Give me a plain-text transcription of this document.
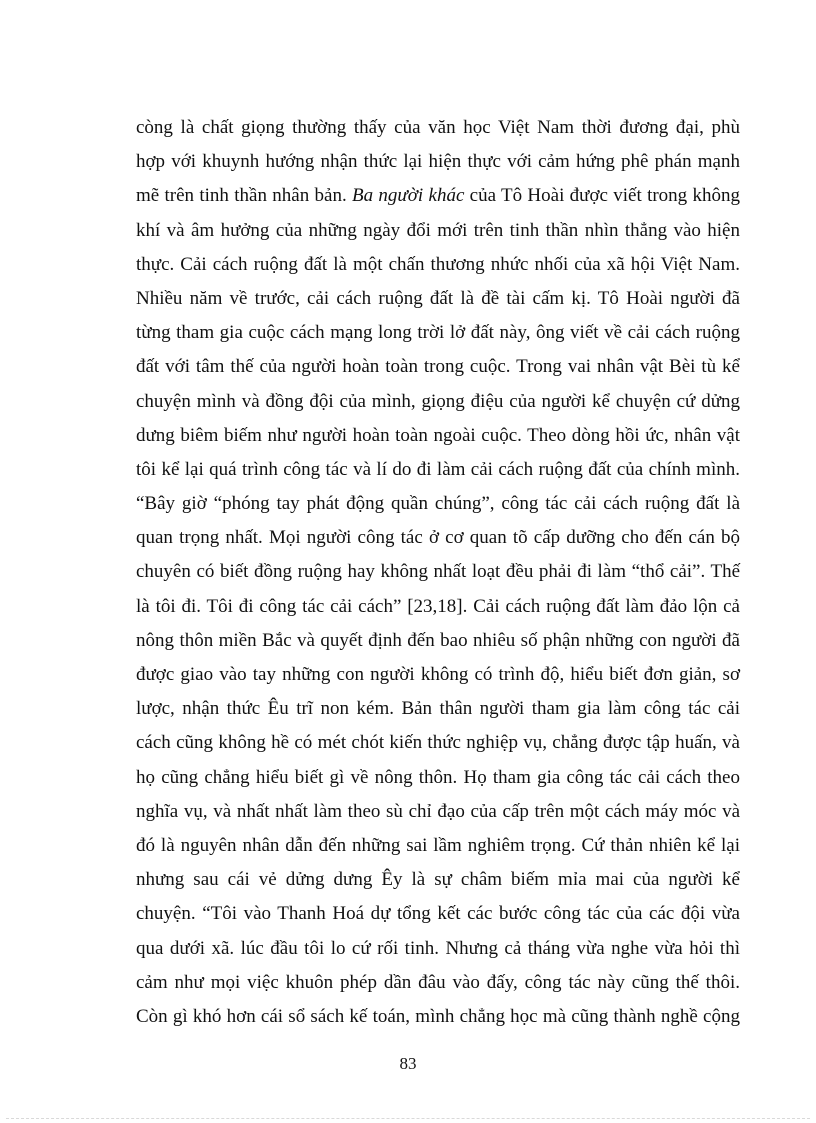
còng là chất giọng thường thấy của văn học Việt Nam thời đương đại, phù
hợp với khuynh hướng nhận thức lại hiện thực với cảm hứng phê phán mạnh
mẽ trên tinh thần nhân bản. Ba người khác của Tô Hoài được viết trong không
khí và âm hưởng của những ngày đổi mới trên tinh thần nhìn thẳng vào hiện
thực. Cải cách ruộng đất là một chấn thương nhức nhối của xã hội Việt Nam.
Nhiều năm về trước, cải cách ruộng đất là đề tài cấm kị. Tô Hoài người đã
từng tham gia cuộc cách mạng long trời lở đất này, ông viết về cải cách ruộng
đất với tâm thế của người hoàn toàn trong cuộc. Trong vai nhân vật Bèi tù kể
chuyện mình và đồng đội của mình, giọng điệu của người kể chuyện cứ dửng
dưng biêm biếm như người hoàn toàn ngoài cuộc. Theo dòng hồi ức, nhân vật
tôi kể lại quá trình công tác và lí do đi làm cải cách ruộng đất của chính mình.
“Bây giờ “phóng tay phát động quần chúng”, công tác cải cách ruộng đất là
quan trọng nhất. Mọi người công tác ở cơ quan tõ cấp dưỡng cho đến cán bộ
chuyên có biết đồng ruộng hay không nhất loạt đều phải đi làm “thổ cải”. Thế
là tôi đi. Tôi đi công tác cải cách” [23,18]. Cải cách ruộng đất làm đảo lộn cả
nông thôn miền Bắc và quyết định đến bao nhiêu số phận những con người đã
được giao vào tay những con người không có trình độ, hiểu biết đơn giản, sơ
lược, nhận thức Êu trĩ non kém. Bản thân người tham gia làm công tác cải
cách cũng không hề có mét chót kiến thức nghiệp vụ, chẳng được tập huấn, và
họ cũng chẳng hiểu biết gì về nông thôn. Họ tham gia công tác cải cách theo
nghĩa vụ, và nhất nhất làm theo sù chỉ đạo của cấp trên một cách máy móc và
đó là nguyên nhân dẫn đến những sai lầm nghiêm trọng. Cứ thản nhiên kể lại
nhưng sau cái vẻ dửng dưng Êy là sự châm biếm mỉa mai của người kể
chuyện. “Tôi vào Thanh Hoá dự tổng kết các bước công tác của các đội vừa
qua dưới xã. lúc đầu tôi lo cứ rối tinh. Nhưng cả tháng vừa nghe vừa hỏi thì
cảm như mọi việc khuôn phép dần đâu vào đấy, công tác này cũng thế thôi.
Còn gì khó hơn cái sổ sách kế toán, mình chẳng học mà cũng thành nghề cộng
83
